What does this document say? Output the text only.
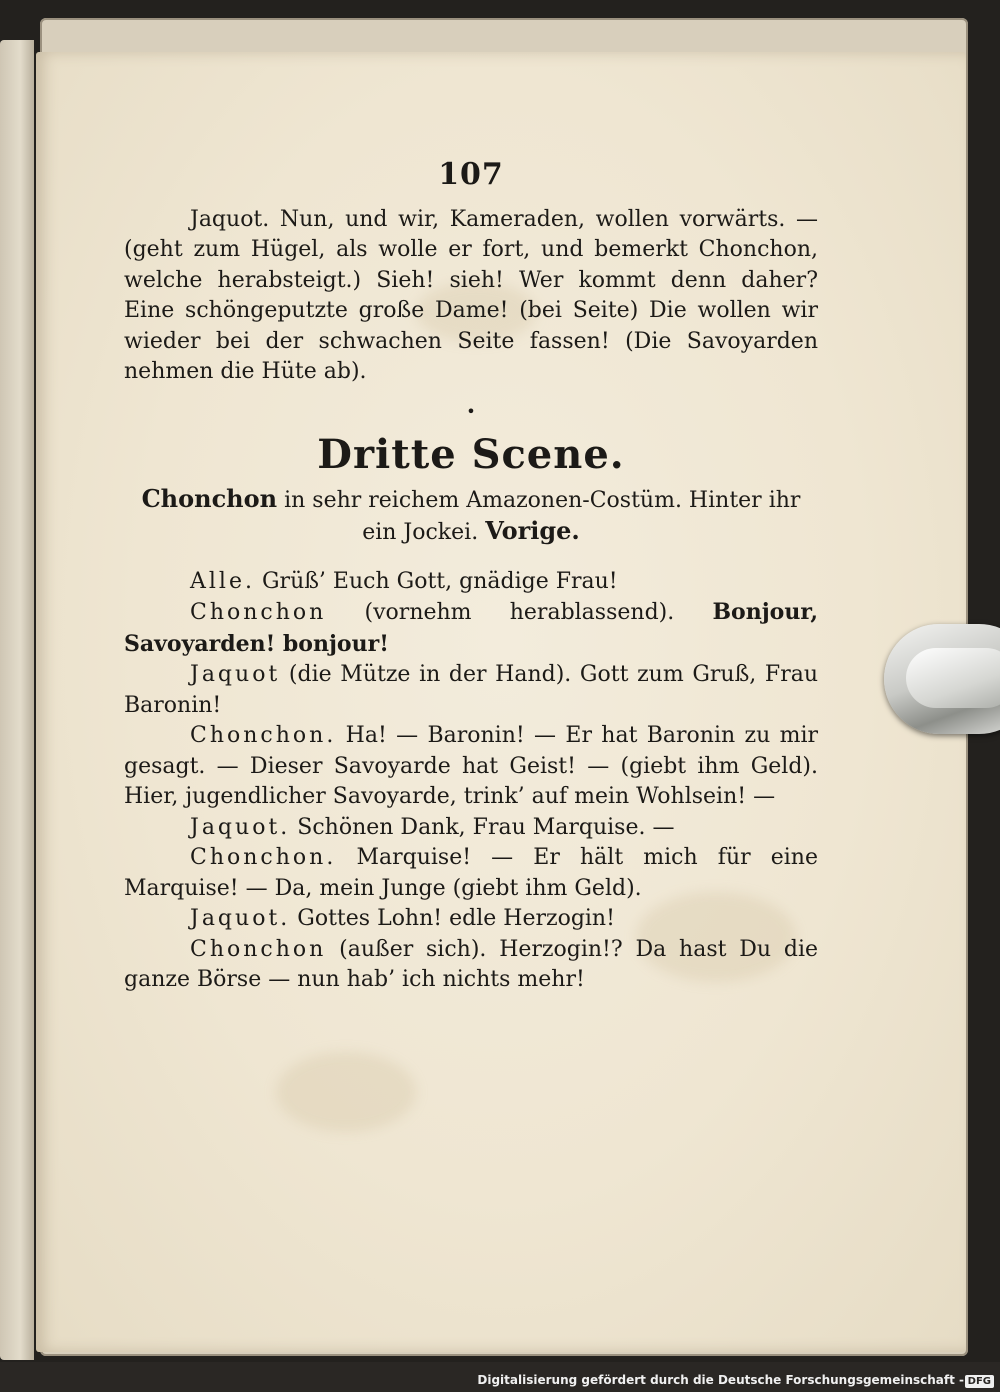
107

Jaquot. Nun, und wir, Kameraden, wollen vorwärts. — (geht zum Hügel, als wolle er fort, und bemerkt Chonchon, welche herabsteigt.) Sieh! sieh! Wer kommt denn daher? Eine schöngeputzte große Dame! (bei Seite) Die wollen wir wieder bei der schwachen Seite fassen! (Die Savoyarden nehmen die Hüte ab).

•
Dritte Scene.

Chonchon in sehr reichem Amazonen-Costüm. Hinter ihr ein Jockei. Vorige.

Alle. Grüß’ Euch Gott, gnädige Frau!

Chonchon (vornehm herablassend). Bonjour, Savoyarden! bonjour!

Jaquot (die Mütze in der Hand). Gott zum Gruß, Frau Baronin!

Chonchon. Ha! — Baronin! — Er hat Baronin zu mir gesagt. — Dieser Savoyarde hat Geist! — (giebt ihm Geld). Hier, jugendlicher Savoyarde, trink’ auf mein Wohlsein! —

Jaquot. Schönen Dank, Frau Marquise. —

Chonchon. Marquise! — Er hält mich für eine Marquise! — Da, mein Junge (giebt ihm Geld).

Jaquot. Gottes Lohn! edle Herzogin!

Chonchon (außer sich). Herzogin!? Da hast Du die ganze Börse — nun hab’ ich nichts mehr!

Digitalisierung gefördert durch die Deutsche Forschungsgemeinschaft - DFG
